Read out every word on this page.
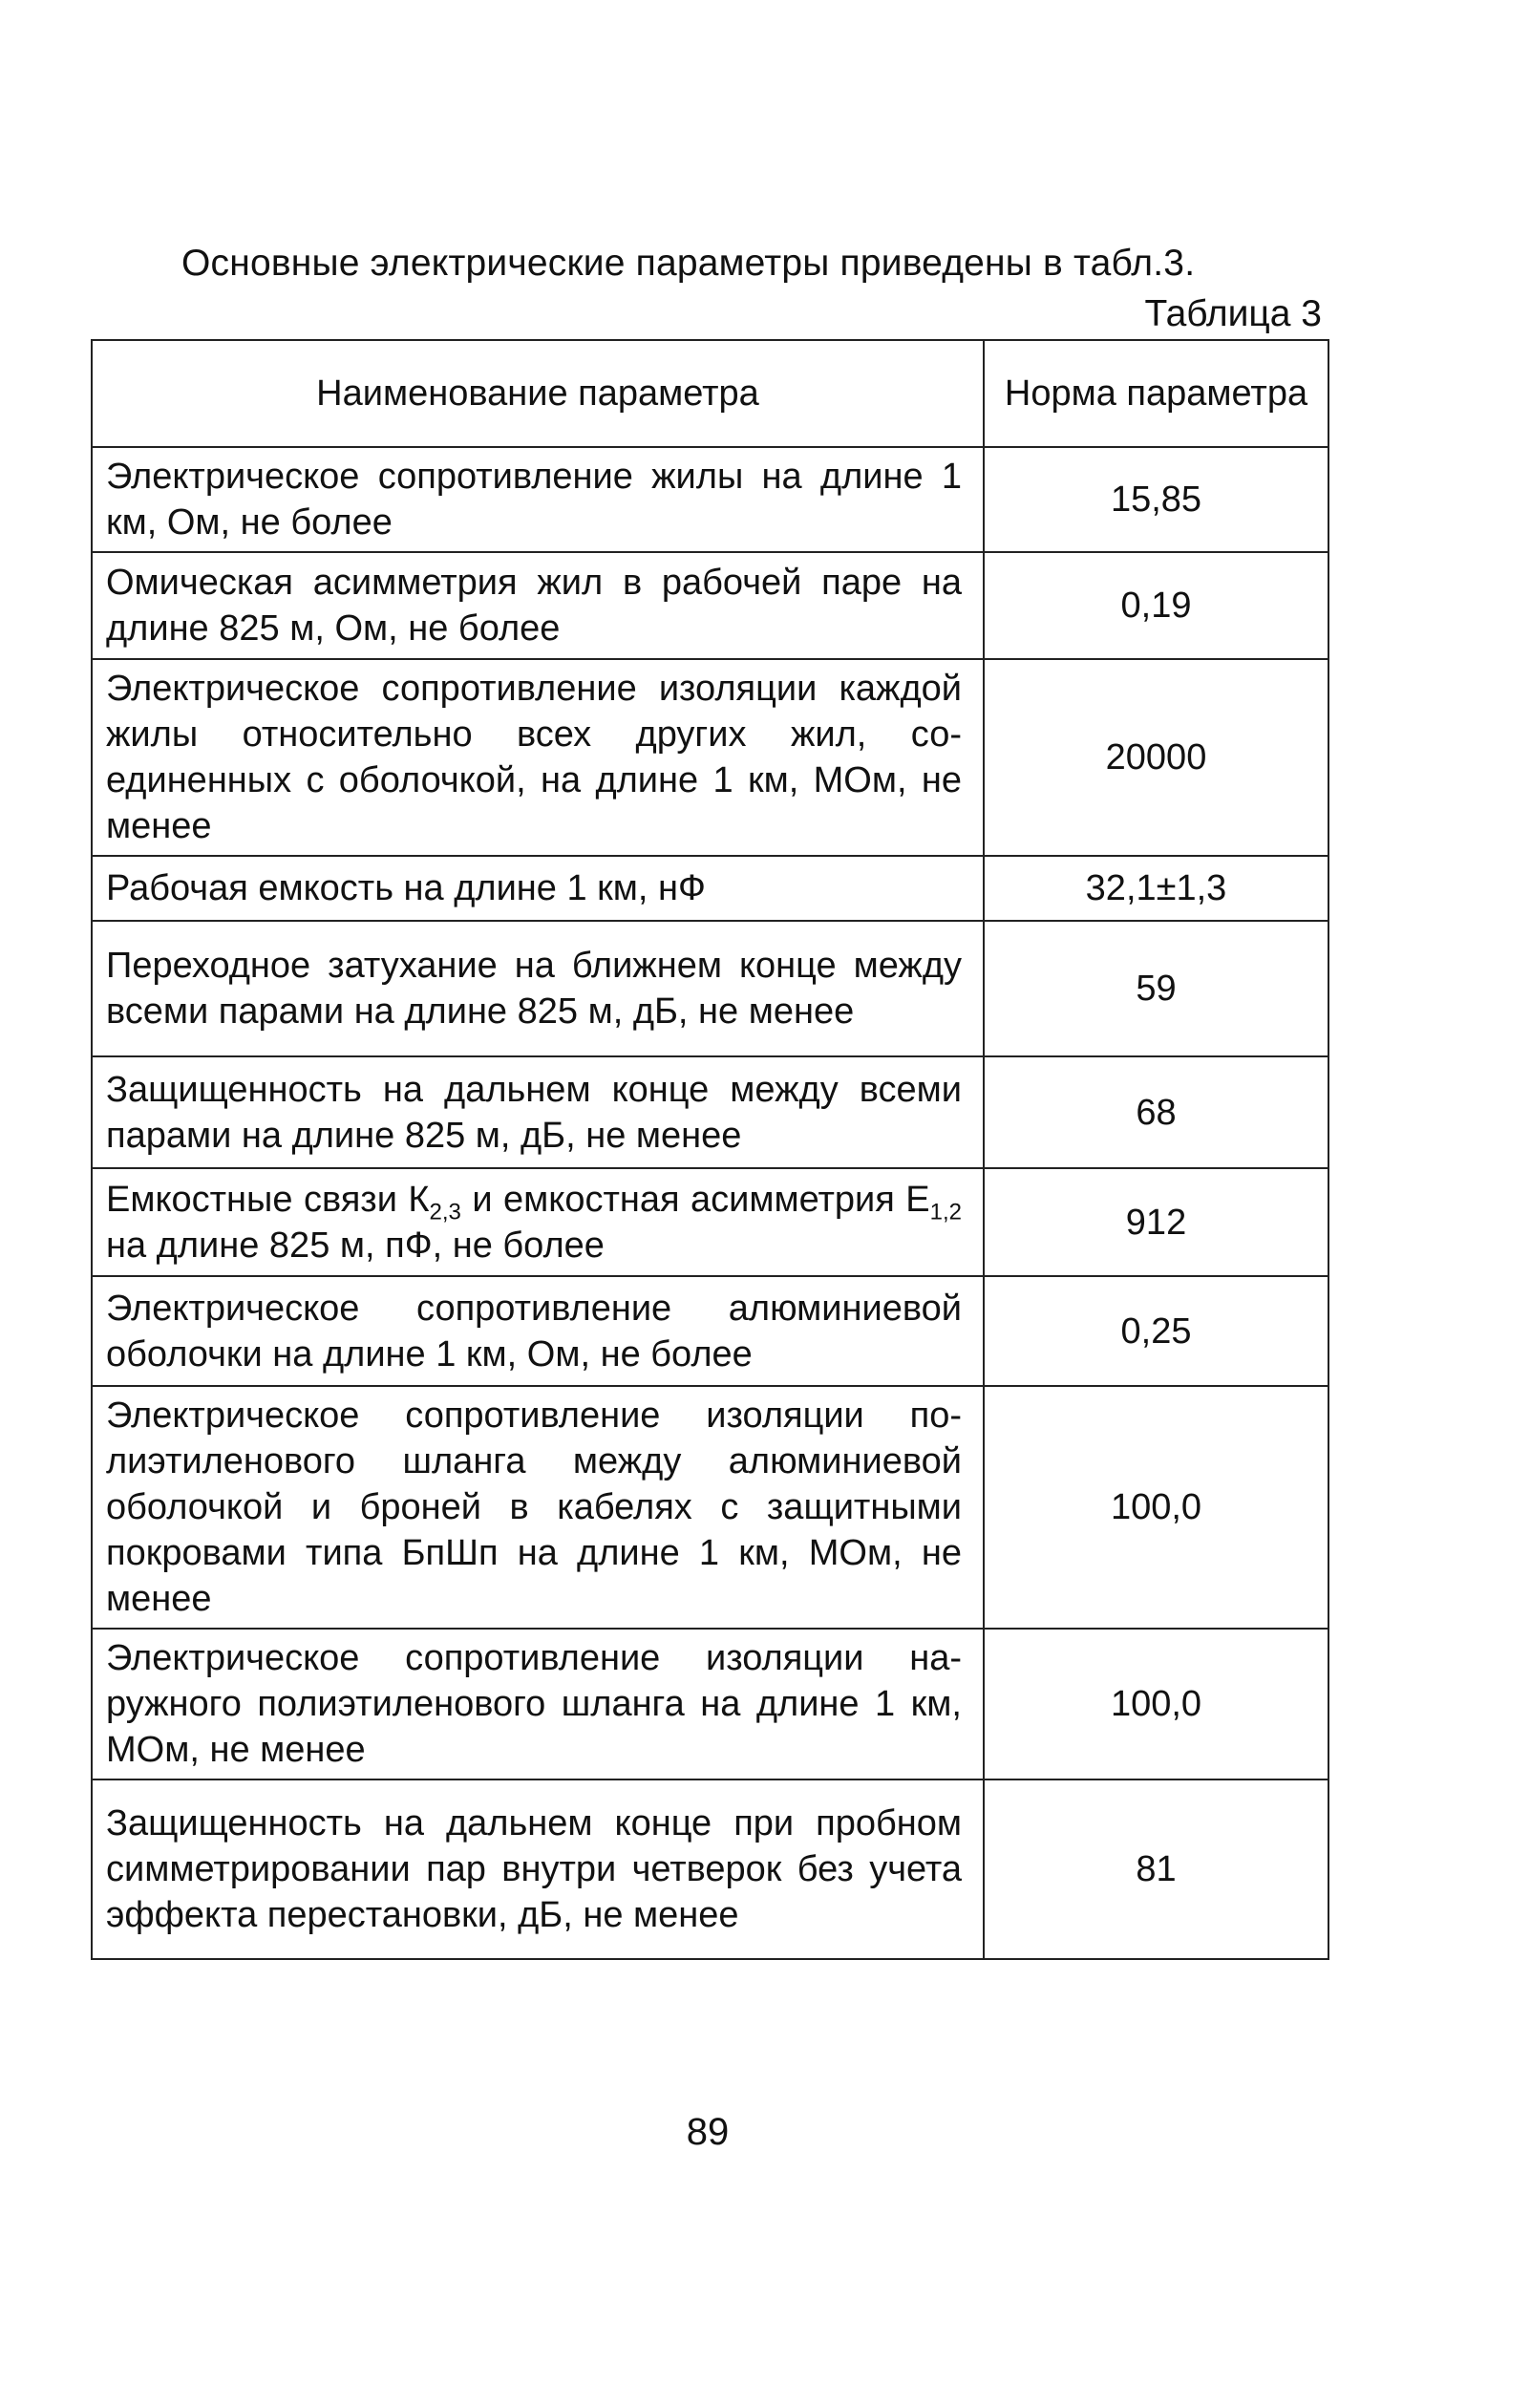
Основные электрические параметры приведены в табл.3.
Таблица 3
Наименование параметра	Норма параметра
Электрическое сопротивление жилы на длине 1 км, Ом, не более	15,85
Омическая асимметрия жил в рабочей паре на длине 825 м, Ом, не более	0,19
Электрическое сопротивление изоляции каждой жилы относительно всех других жил, соединенных с оболочкой, на длине 1 км, МОм, не менее	20000
Рабочая емкость на длине 1 км, нФ	32,1±1,3
Переходное затухание на ближнем конце между всеми парами на длине 825 м, дБ, не менее	59
Защищенность на дальнем конце между всеми парами на длине 825 м, дБ, не менее	68
Емкостные связи $К_{2,3}$ и емкостная асимметрия $Е_{1,2}$ на длине 825 м, пФ, не более	912
Электрическое сопротивление алюминиевой оболочки на длине 1 км, Ом, не более	0,25
Электрическое сопротивление изоляции полиэтиленового шланга между алюминиевой оболочкой и броней в кабелях с защитными покровами типа БпШп на длине 1 км, МОм, не менее	100,0
Электрическое сопротивление изоляции наружного полиэтиленового шланга на длине 1 км, МОм, не менее	100,0
Защищенность на дальнем конце при пробном симметрировании пар внутри четверок без учета эффекта перестановки, дБ, не менее	81
89
